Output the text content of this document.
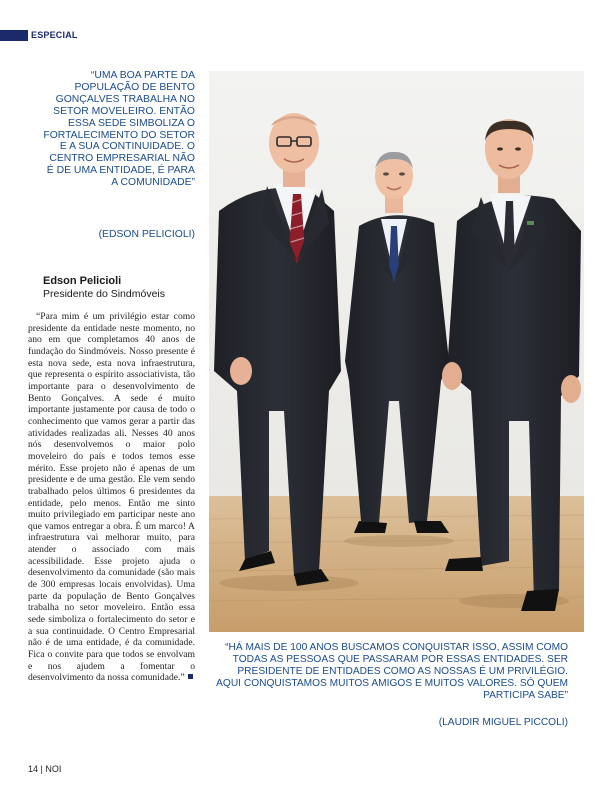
ESPECIAL
“UMA BOA PARTE DA POPULAÇÃO DE BENTO GONÇALVES TRABALHA NO SETOR MOVELEIRO. ENTÃO ESSA SEDE SIMBOLIZA O FORTALECIMENTO DO SETOR E A SUA CONTINUIDADE. O CENTRO EMPRESARIAL NÃO É DE UMA ENTIDADE, É PARA A COMUNIDADE”
(EDSON PELICIOLI)
Edson Pelicioli
Presidente do Sindmóveis

“Para mim é um privilégio estar como presidente da entidade neste momento, no ano em que completamos 40 anos de fundação do Sindmóveis. Nosso presente é esta nova sede, esta nova infraestrutura, que representa o espírito associativista, tão importante para o desenvolvimento de Bento Gonçalves. A sede é muito importante justamente por causa de todo o conhecimento que vamos gerar a partir das atividades realizadas ali. Nesses 40 anos nós desenvolvemos o maior polo moveleiro do país e todos temos esse mérito. Esse projeto não é apenas de um presidente e de uma gestão. Ele vem sendo trabalhado pelos últimos 6 presidentes da entidade, pelo menos. Então me sinto muito privilegiado em participar neste ano que vamos entregar a obra. É um marco! A infraestrutura vai melhorar muito, para atender o associado com mais acessibilidade. Esse projeto ajuda o desenvolvimento da comunidade (são mais de 300 empresas locais envolvidas). Uma parte da população de Bento Gonçalves trabalha no setor moveleiro. Então essa sede simboliza o fortalecimento do setor e a sua continuidade. O Centro Empresarial não é de uma entidade, é da comunidade. Fica o convite para que todos se envolvam e nos ajudem a fomentar o desenvolvimento da nossa comunidade.”

“HÁ MAIS DE 100 ANOS BUSCAMOS CONQUISTAR ISSO, ASSIM COMO TODAS AS PESSOAS QUE PASSARAM POR ESSAS ENTIDADES. SER PRESIDENTE DE ENTIDADES COMO AS NOSSAS É UM PRIVILÉGIO. AQUI CONQUISTAMOS MUITOS AMIGOS E MUITOS VALORES. SÓ QUEM PARTICIPA SABE”
(LAUDIR MIGUEL PICCOLI)
14 | NOI
